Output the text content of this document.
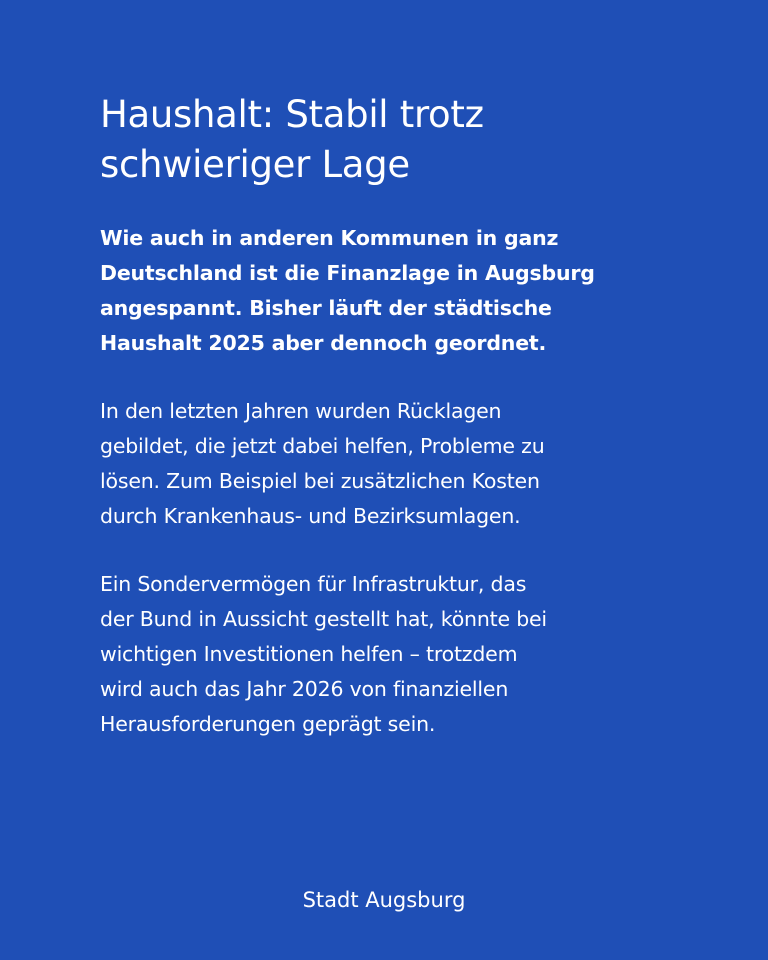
Haushalt: Stabil trotz
schwieriger Lage
Wie auch in anderen Kommunen in ganz
Deutschland ist die Finanzlage in Augsburg
angespannt. Bisher läuft der städtische
Haushalt 2025 aber dennoch geordnet.
In den letzten Jahren wurden Rücklagen
gebildet, die jetzt dabei helfen, Probleme zu
lösen. Zum Beispiel bei zusätzlichen Kosten
durch Krankenhaus- und Bezirksumlagen.
Ein Sondervermögen für Infrastruktur, das
der Bund in Aussicht gestellt hat, könnte bei
wichtigen Investitionen helfen – trotzdem
wird auch das Jahr 2026 von finanziellen
Herausforderungen geprägt sein.
Stadt Augsburg
